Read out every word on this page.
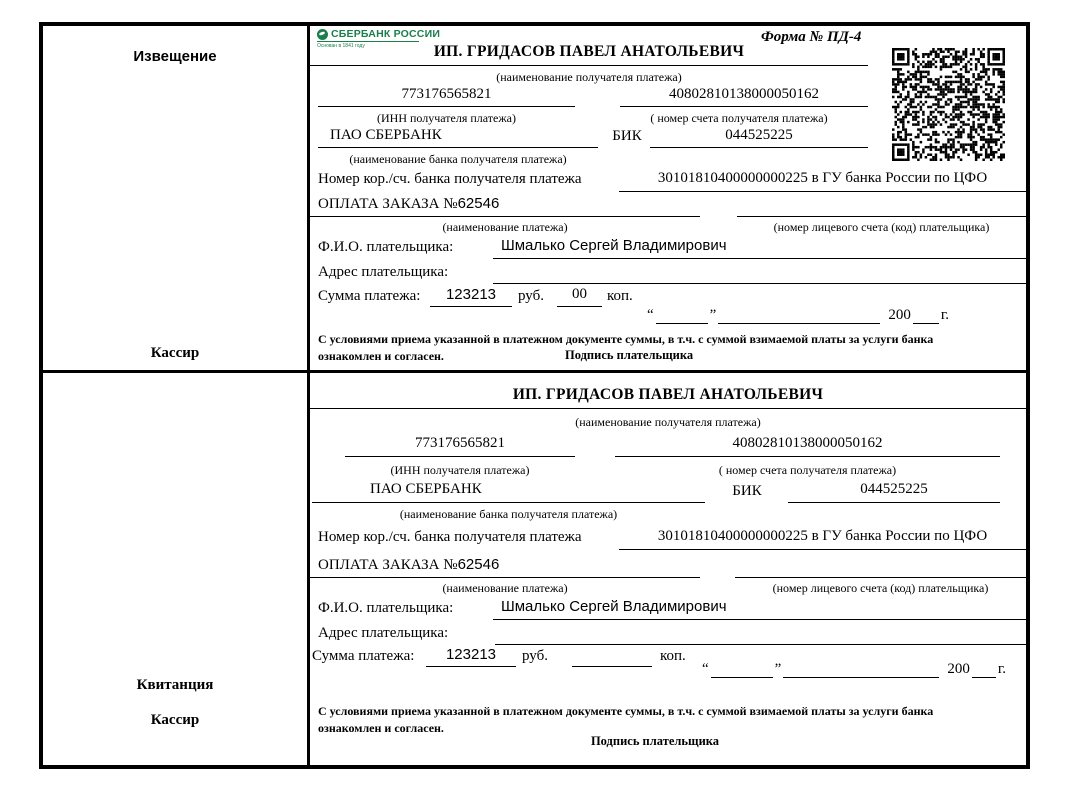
Извещение
Кассир
СБЕРБАНК РОССИИ
Основан в 1841 году
Форма № ПД-4
ИП. ГРИДАСОВ ПАВЕЛ АНАТОЛЬЕВИЧ
(наименование получателя платежа)
773176565821	40802810138000050162
(ИНН получателя платежа)	( номер счета получателя платежа)
ПАО СБЕРБАНК	БИК	044525225
(наименование банка получателя платежа)
Номер кор./сч. банка получателя платежа	30101810400000000225 в ГУ банка России по ЦФО
ОПЛАТА ЗАКАЗА №62546
(наименование платежа)	(номер лицевого счета (код) плательщика)
Ф.И.О. плательщика:	Шмалько Сергей Владимирович
Адрес плательщика:
Сумма платежа:	123213	руб.	00	коп.
“	”	200 г.
С условиями приема указанной в платежном документе суммы, в т.ч. с суммой взимаемой платы за услуги банка
ознакомлен и согласен.	Подпись плательщика
Квитанция
Кассир
ИП. ГРИДАСОВ ПАВЕЛ АНАТОЛЬЕВИЧ
(наименование получателя платежа)
773176565821	40802810138000050162
(ИНН получателя платежа)	( номер счета получателя платежа)
ПАО СБЕРБАНК	БИК	044525225
(наименование банка получателя платежа)
Номер кор./сч. банка получателя платежа	30101810400000000225 в ГУ банка России по ЦФО
ОПЛАТА ЗАКАЗА №62546
(наименование платежа)	(номер лицевого счета (код) плательщика)
Ф.И.О. плательщика:	Шмалько Сергей Владимирович
Адрес плательщика:
Сумма платежа:	123213	руб.	коп.
“	”	200 г.
С условиями приема указанной в платежном документе суммы, в т.ч. с суммой взимаемой платы за услуги банка
ознакомлен и согласен.
Подпись плательщика
